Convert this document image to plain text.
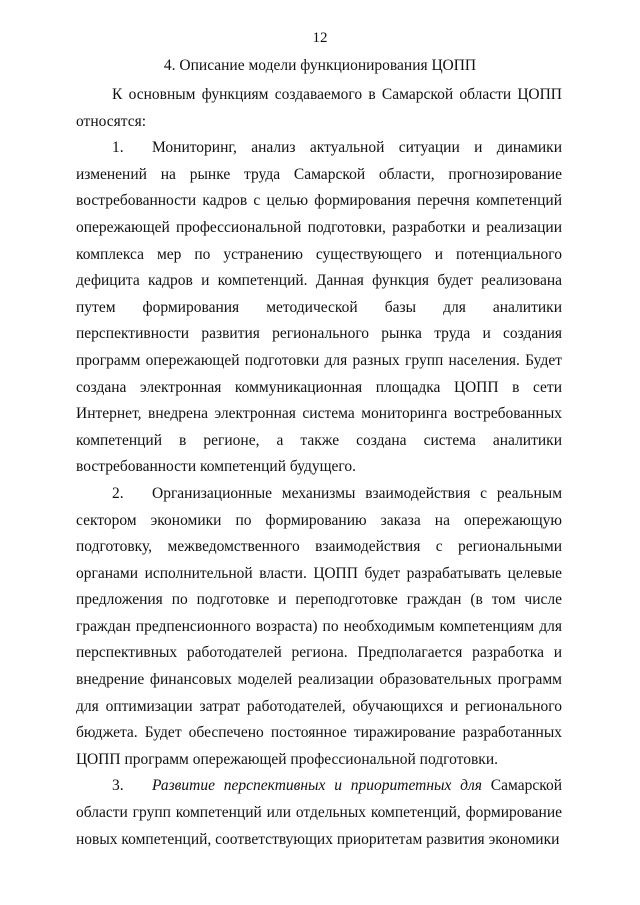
12
4. Описание модели функционирования ЦОПП

К основным функциям создаваемого в Самарской области ЦОПП относятся:

1. Мониторинг, анализ актуальной ситуации и динамики изменений на рынке труда Самарской области, прогнозирование востребованности кадров с целью формирования перечня компетенций опережающей профессиональной подготовки, разработки и реализации комплекса мер по устранению существующего и потенциального дефицита кадров и компетенций. Данная функция будет реализована путем формирования методической базы для аналитики перспективности развития регионального рынка труда и создания программ опережающей подготовки для разных групп населения. Будет создана электронная коммуникационная площадка ЦОПП в сети Интернет, внедрена электронная система мониторинга востребованных компетенций в регионе, а также создана система аналитики востребованности компетенций будущего.

2. Организационные механизмы взаимодействия с реальным сектором экономики по формированию заказа на опережающую подготовку, межведомственного взаимодействия с региональными органами исполнительной власти. ЦОПП будет разрабатывать целевые предложения по подготовке и переподготовке граждан (в том числе граждан предпенсионного возраста) по необходимым компетенциям для перспективных работодателей региона. Предполагается разработка и внедрение финансовых моделей реализации образовательных программ для оптимизации затрат работодателей, обучающихся и регионального бюджета. Будет обеспечено постоянное тиражирование разработанных ЦОПП программ опережающей профессиональной подготовки.

3. Развитие перспективных и приоритетных для Самарской области групп компетенций или отдельных компетенций, формирование новых компетенций, соответствующих приоритетам развития экономики
